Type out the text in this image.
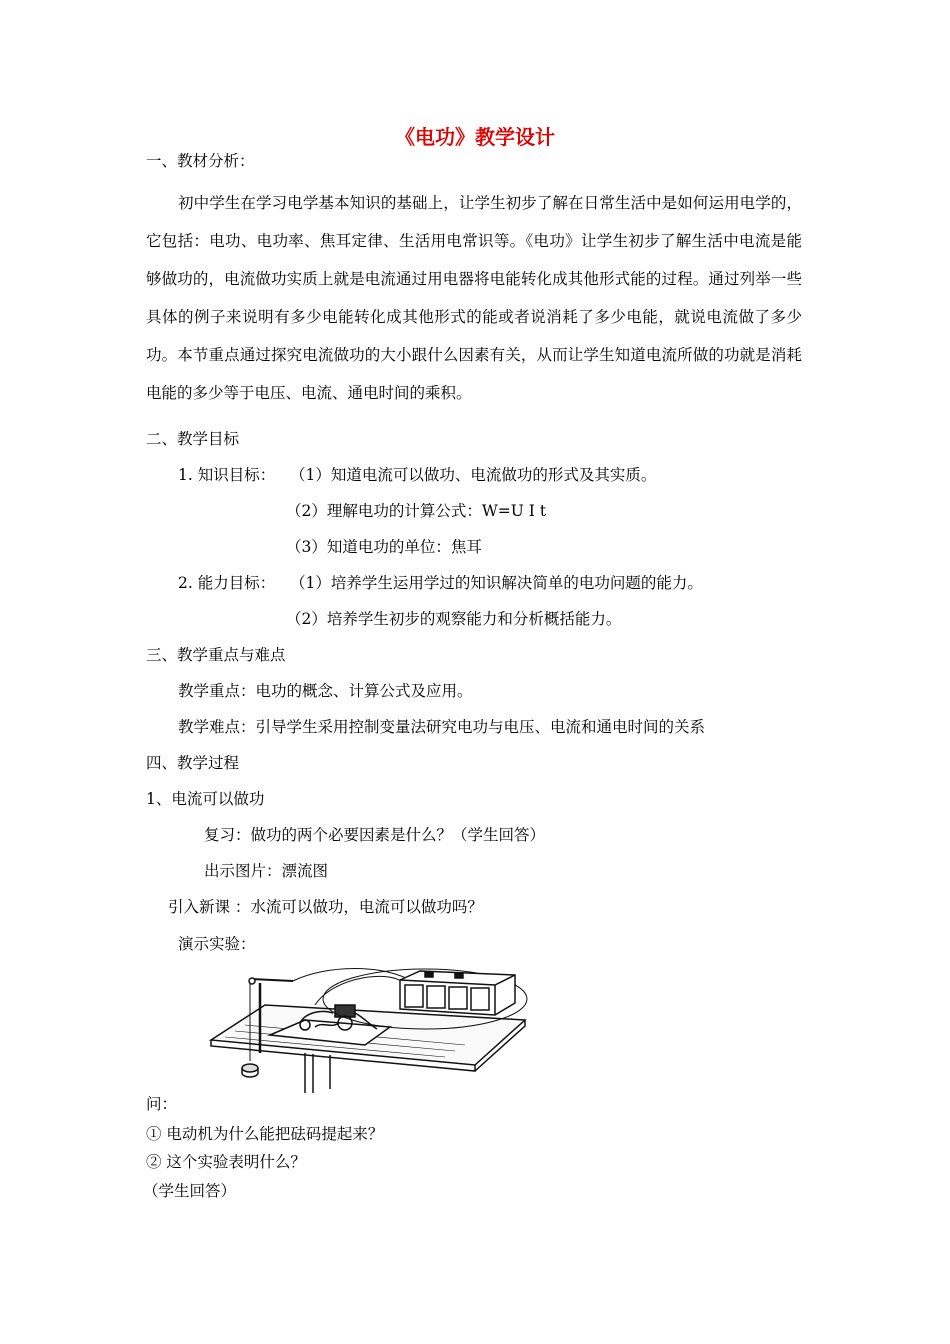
《电功》教学设计
一、教材分析：
初中学生在学习电学基本知识的基础上，让学生初步了解在日常生活中是如何运用电学的，它包括：电功、电功率、焦耳定律、生活用电常识等。《电功》让学生初步了解生活中电流是能够做功的，电流做功实质上就是电流通过用电器将电能转化成其他形式能的过程。通过列举一些具体的例子来说明有多少电能转化成其他形式的能或者说消耗了多少电能，就说电流做了多少功。本节重点通过探究电流做功的大小跟什么因素有关，从而让学生知道电流所做的功就是消耗电能的多少等于电压、电流、通电时间的乘积。
二、教学目标
1. 知识目标： （1）知道电流可以做功、电流做功的形式及其实质。
（2）理解电功的计算公式：W=U I t
（3）知道电功的单位：焦耳
2. 能力目标： （1）培养学生运用学过的知识解决简单的电功问题的能力。
（2）培养学生初步的观察能力和分析概括能力。
三、教学重点与难点
教学重点：电功的概念、计算公式及应用。
教学难点：引导学生采用控制变量法研究电功与电压、电流和通电时间的关系
四、教学过程
1、电流可以做功
复习：做功的两个必要因素是什么？（学生回答）
出示图片：漂流图
引入新课 ：水流可以做功，电流可以做功吗？
演示实验：
问：
① 电动机为什么能把砝码提起来？
② 这个实验表明什么？
（学生回答）
